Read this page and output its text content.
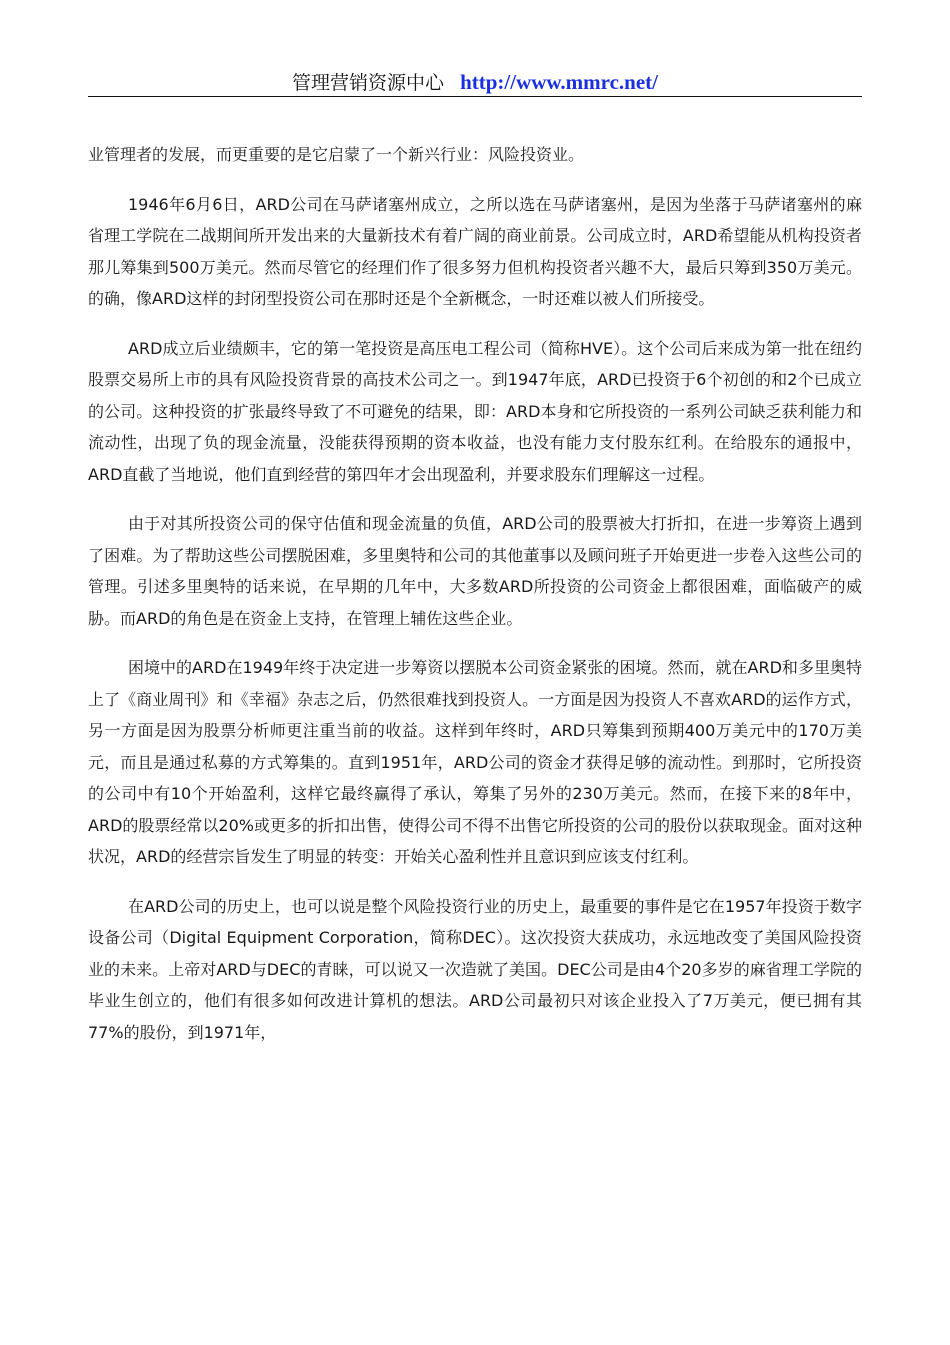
管理营销资源中心 http://www.mmrc.net/

业管理者的发展，而更重要的是它启蒙了一个新兴行业：风险投资业。

1946年6月6日，ARD公司在马萨诸塞州成立，之所以选在马萨诸塞州，是因为坐落于马萨诸塞州的麻省理工学院在二战期间所开发出来的大量新技术有着广阔的商业前景。公司成立时，ARD希望能从机构投资者那儿筹集到500万美元。然而尽管它的经理们作了很多努力但机构投资者兴趣不大，最后只筹到350万美元。的确，像ARD这样的封闭型投资公司在那时还是个全新概念，一时还难以被人们所接受。

ARD成立后业绩颇丰，它的第一笔投资是高压电工程公司（简称HVE）。这个公司后来成为第一批在纽约股票交易所上市的具有风险投资背景的高技术公司之一。到1947年底，ARD已投资于6个初创的和2个已成立的公司。这种投资的扩张最终导致了不可避免的结果，即：ARD本身和它所投资的一系列公司缺乏获利能力和流动性，出现了负的现金流量，没能获得预期的资本收益，也没有能力支付股东红利。在给股东的通报中，ARD直截了当地说，他们直到经营的第四年才会出现盈利，并要求股东们理解这一过程。

由于对其所投资公司的保守估值和现金流量的负值，ARD公司的股票被大打折扣，在进一步筹资上遇到了困难。为了帮助这些公司摆脱困难，多里奥特和公司的其他董事以及顾问班子开始更进一步卷入这些公司的管理。引述多里奥特的话来说，在早期的几年中，大多数ARD所投资的公司资金上都很困难，面临破产的威胁。而ARD的角色是在资金上支持，在管理上辅佐这些企业。

困境中的ARD在1949年终于决定进一步筹资以摆脱本公司资金紧张的困境。然而，就在ARD和多里奥特上了《商业周刊》和《幸福》杂志之后，仍然很难找到投资人。一方面是因为投资人不喜欢ARD的运作方式，另一方面是因为股票分析师更注重当前的收益。这样到年终时，ARD只筹集到预期400万美元中的170万美元，而且是通过私募的方式筹集的。直到1951年，ARD公司的资金才获得足够的流动性。到那时，它所投资的公司中有10个开始盈利，这样它最终赢得了承认，筹集了另外的230万美元。然而，在接下来的8年中，ARD的股票经常以20%或更多的折扣出售，使得公司不得不出售它所投资的公司的股份以获取现金。面对这种状况，ARD的经营宗旨发生了明显的转变：开始关心盈利性并且意识到应该支付红利。

在ARD公司的历史上，也可以说是整个风险投资行业的历史上，最重要的事件是它在1957年投资于数字设备公司（Digital Equipment Corporation，简称DEC）。这次投资大获成功，永远地改变了美国风险投资业的未来。上帝对ARD与DEC的青睐，可以说又一次造就了美国。DEC公司是由4个20多岁的麻省理工学院的毕业生创立的，他们有很多如何改进计算机的想法。ARD公司最初只对该企业投入了7万美元，便已拥有其77%的股份，到1971年，
